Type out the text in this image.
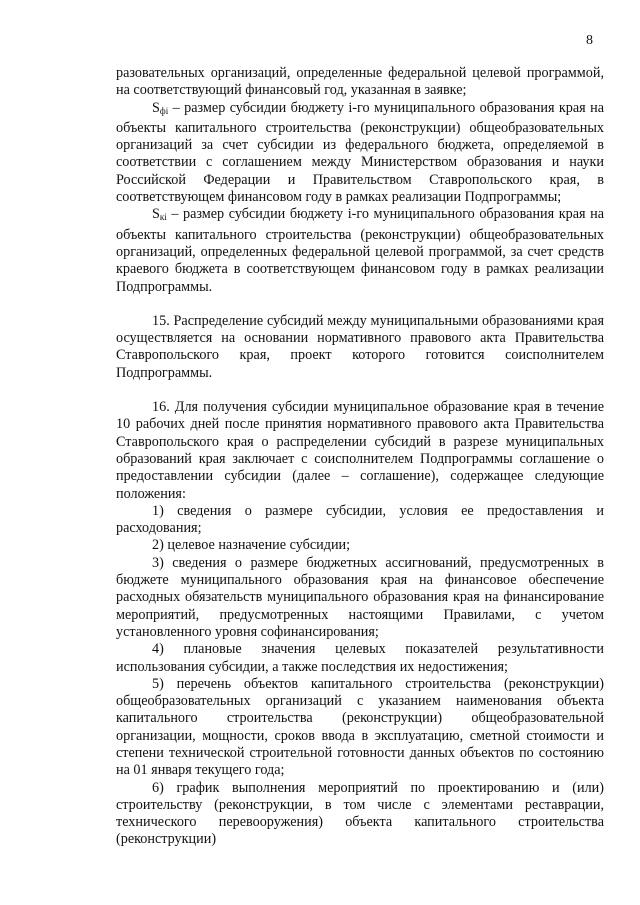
8

разовательных организаций, определенные федеральной целевой программой, на соответствующий финансовый год, указанная в заявке;

$S_{фi}$ – размер субсидии бюджету i-го муниципального образования края на объекты капитального строительства (реконструкции) общеобразовательных организаций за счет субсидии из федерального бюджета, определяемой в соответствии с соглашением между Министерством образования и науки Российской Федерации и Правительством Ставропольского края, в соответствующем финансовом году в рамках реализации Подпрограммы;

$S_{кi}$ – размер субсидии бюджету i-го муниципального образования края на объекты капитального строительства (реконструкции) общеобразовательных организаций, определенных федеральной целевой программой, за счет средств краевого бюджета в соответствующем финансовом году в рамках реализации Подпрограммы.

15. Распределение субсидий между муниципальными образованиями края осуществляется на основании нормативного правового акта Правительства Ставропольского края, проект которого готовится соисполнителем Подпрограммы.

16. Для получения субсидии муниципальное образование края в течение 10 рабочих дней после принятия нормативного правового акта Правительства Ставропольского края о распределении субсидий в разрезе муниципальных образований края заключает с соисполнителем Подпрограммы соглашение о предоставлении субсидии (далее – соглашение), содержащее следующие положения:

1) сведения о размере субсидии, условия ее предоставления и расходования;

2) целевое назначение субсидии;

3) сведения о размере бюджетных ассигнований, предусмотренных в бюджете муниципального образования края на финансовое обеспечение расходных обязательств муниципального образования края на финансирование мероприятий, предусмотренных настоящими Правилами, с учетом установленного уровня софинансирования;

4) плановые значения целевых показателей результативности использования субсидии, а также последствия их недостижения;

5) перечень объектов капитального строительства (реконструкции) общеобразовательных организаций с указанием наименования объекта капитального строительства (реконструкции) общеобразовательной организации, мощности, сроков ввода в эксплуатацию, сметной стоимости и степени технической строительной готовности данных объектов по состоянию на 01 января текущего года;

6) график выполнения мероприятий по проектированию и (или) строительству (реконструкции, в том числе с элементами реставрации, технического перевооружения) объекта капитального строительства (реконструкции)
